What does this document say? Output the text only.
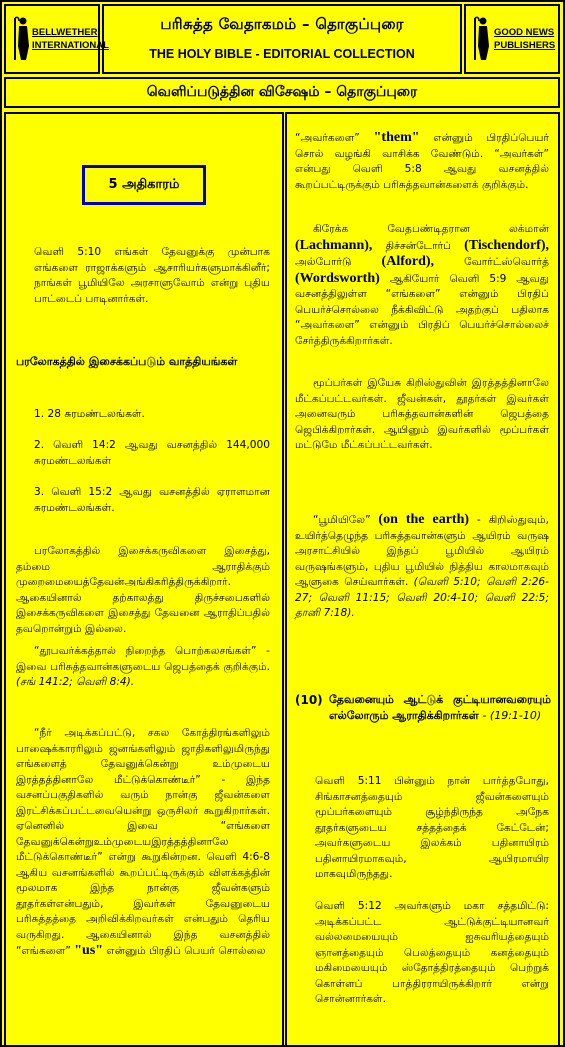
BELLWETHER
INTERNATIONAL
பரிசுத்த வேதாகமம் – தொகுப்புரை
THE HOLY BIBLE - EDITORIAL COLLECTION
GOOD NEWS
PUBLISHERS
வெளிப்படுத்தின விசேஷம் – தொகுப்புரை
5 அதிகாரம்
வெளி 5:10 எங்கள் தேவனுக்கு முன்பாக எங்களை ராஜாக்களும் ஆசாரியர்களுமாக்கினீர்; நாங்கள் பூமியிலே அரசாளுவோம் என்று புதிய பாட்டைப் பாடினார்கள்.
பரலோகத்தில் இசைக்கப்படும் வாத்தியங்கள்
1. 28 சுரமண்டலங்கள்.
2. வெளி 14:2 ஆவது வசனத்தில் 144,000 சுரமண்டலங்கள்
3. வெளி 15:2 ஆவது வசனத்தில் ஏராளமான சுரமண்டலங்கள்.
பரலோகத்தில் இசைக்கருவிகளை இசைத்து, தம்மை ஆராதிக்கும் முறைமையைத்தேவன்அங்கிகரித்திருக்கிறார். ஆகையினால் தற்காலத்து திருச்சபைகளில் இசைக்கருவிகளை இசைத்து தேவனை ஆராதிப்பதில் தவறொன்றும் இல்லை.
“தூபவர்க்கத்தால் நிறைந்த பொற்கலசங்கள்” - இவை பரிசுத்தவான்களுடைய ஜெபத்தைக் குறிக்கும். (சங் 141:2; வெளி 8:4).
“நீர் அடிக்கப்பட்டு, சகல கோத்திரங்களிலும் பாஷைக்காரரிலும் ஜனங்களிலும் ஜாதிகளிலுமிருந்து எங்களைத் தேவனுக்கென்று உம்முடைய இரத்தத்தினாலே மீட்டுக்கொண்டீர்” - இந்த வசனப்பகுதிகளில் வரும் நான்கு ஜீவன்களை இரட்சிக்கப்பட்டவையென்று ஒருசிலர் கூறுகிறார்கள். ஏனெனில் இவை “எங்களை தேவனுக்கென்றுஉம்முடையஇரத்தத்தினாலே மீட்டுக்கொண்டீர்” என்று கூறுகின்றன. வெளி 4:6-8 ஆகிய வசனங்களில் கூறப்பட்டிருக்கும் விளக்கத்தின் மூலமாக இந்த நான்கு ஜீவன்களும் தூதர்கள்என்பதும், இவர்கள் தேவனுடைய பரிசுத்தத்தை அறிவிக்கிறவர்கள் என்பதும் தெரிய வருகிறது. ஆகையினால் இந்த வசனத்தில் “எங்களை” "us" என்னும் பிரதிப் பெயர் சொல்லை
“அவர்களை” "them" என்னும் பிரதிப்பெயர் சொல் வழங்கி வாசிக்க வேண்டும். “அவர்கள்” என்பது வெளி 5:8 ஆவது வசனத்தில் கூறப்பட்டிருக்கும் பரிசுத்தவான்களைக் குறிக்கும்.
கிரேக்க வேதபண்டிதரான லக்மான் (Lachmann), திச்சன்டோர்ப் (Tischendorf), அல்போர்டு (Alford),	வோர்ட்ஸ்வொர்த் (Wordsworth) ஆகியோர் வெளி 5:9 ஆவது வசனத்திலுள்ள “எங்களை” என்னும் பிரதிப் பெயர்ச்சொல்லை நீக்கிவிட்டு அதற்குப் பதிலாக “அவர்களை” என்னும் பிரதிப் பெயர்ச்சொல்லைச் சேர்த்திருக்கிறார்கள்.
மூப்பர்கள் இயேசு கிறிஸ்துவின் இரத்தத்தினாலே மீட்கப்பட்டவர்கள். ஜீவன்கள், தூதர்கள் இவர்கள் அனைவரும் பரிசுத்தவான்களின் ஜெபத்தை ஜெபிக்கிறார்கள். ஆயினும் இவர்களில் மூப்பர்கள் மட்டுமே மீட்கப்பட்டவர்கள்.
“பூமியிலே” (on the earth) - கிறிஸ்துவும், உயிர்த்தெழுந்த பரிசுத்தவான்களும் ஆயிரம் வருஷ அரசாட்சியில் இந்தப் பூமியில் ஆயிரம் வருஷங்களும், புதிய பூமியில் நித்திய காலமாகவும் ஆளுகை செய்வார்கள். (வெளி 5:10; வெளி 2:26-27; வெளி 11:15; வெளி 20:4-10; வெளி 22:5; தானி 7:18).
(10) தேவனையும் ஆட்டுக் குட்டியானவரையும் எல்லோரும் ஆராதிக்கிறார்கள் - (19:1-10)
வெளி 5:11 பின்னும் நான் பார்த்தபோது, சிங்காசனத்தையும் ஜீவன்களையும் மூப்பர்களையும் சூழ்ந்திருந்த அநேக தூதர்களுடைய சத்தத்தைக் கேட்டேன்; அவர்களுடைய இலக்கம் பதினாயிரம் பதினாயிரமாகவும், ஆயிரமாயிர மாகவுமிருந்தது.
வெளி 5:12 அவர்களும் மகா சத்தமிட்டு: அடிக்கப்பட்ட ஆட்டுக்குட்டியானவர் வல்லமையையும் ஐசுவரியத்தையும் ஞானத்தையும் பெலத்தையும் கனத்தையும் மகிமையையும் ஸ்தோத்திரத்தையும் பெற்றுக் கொள்ளப் பாத்திரராயிருக்கிறார் என்று சொன்னார்கள்.
